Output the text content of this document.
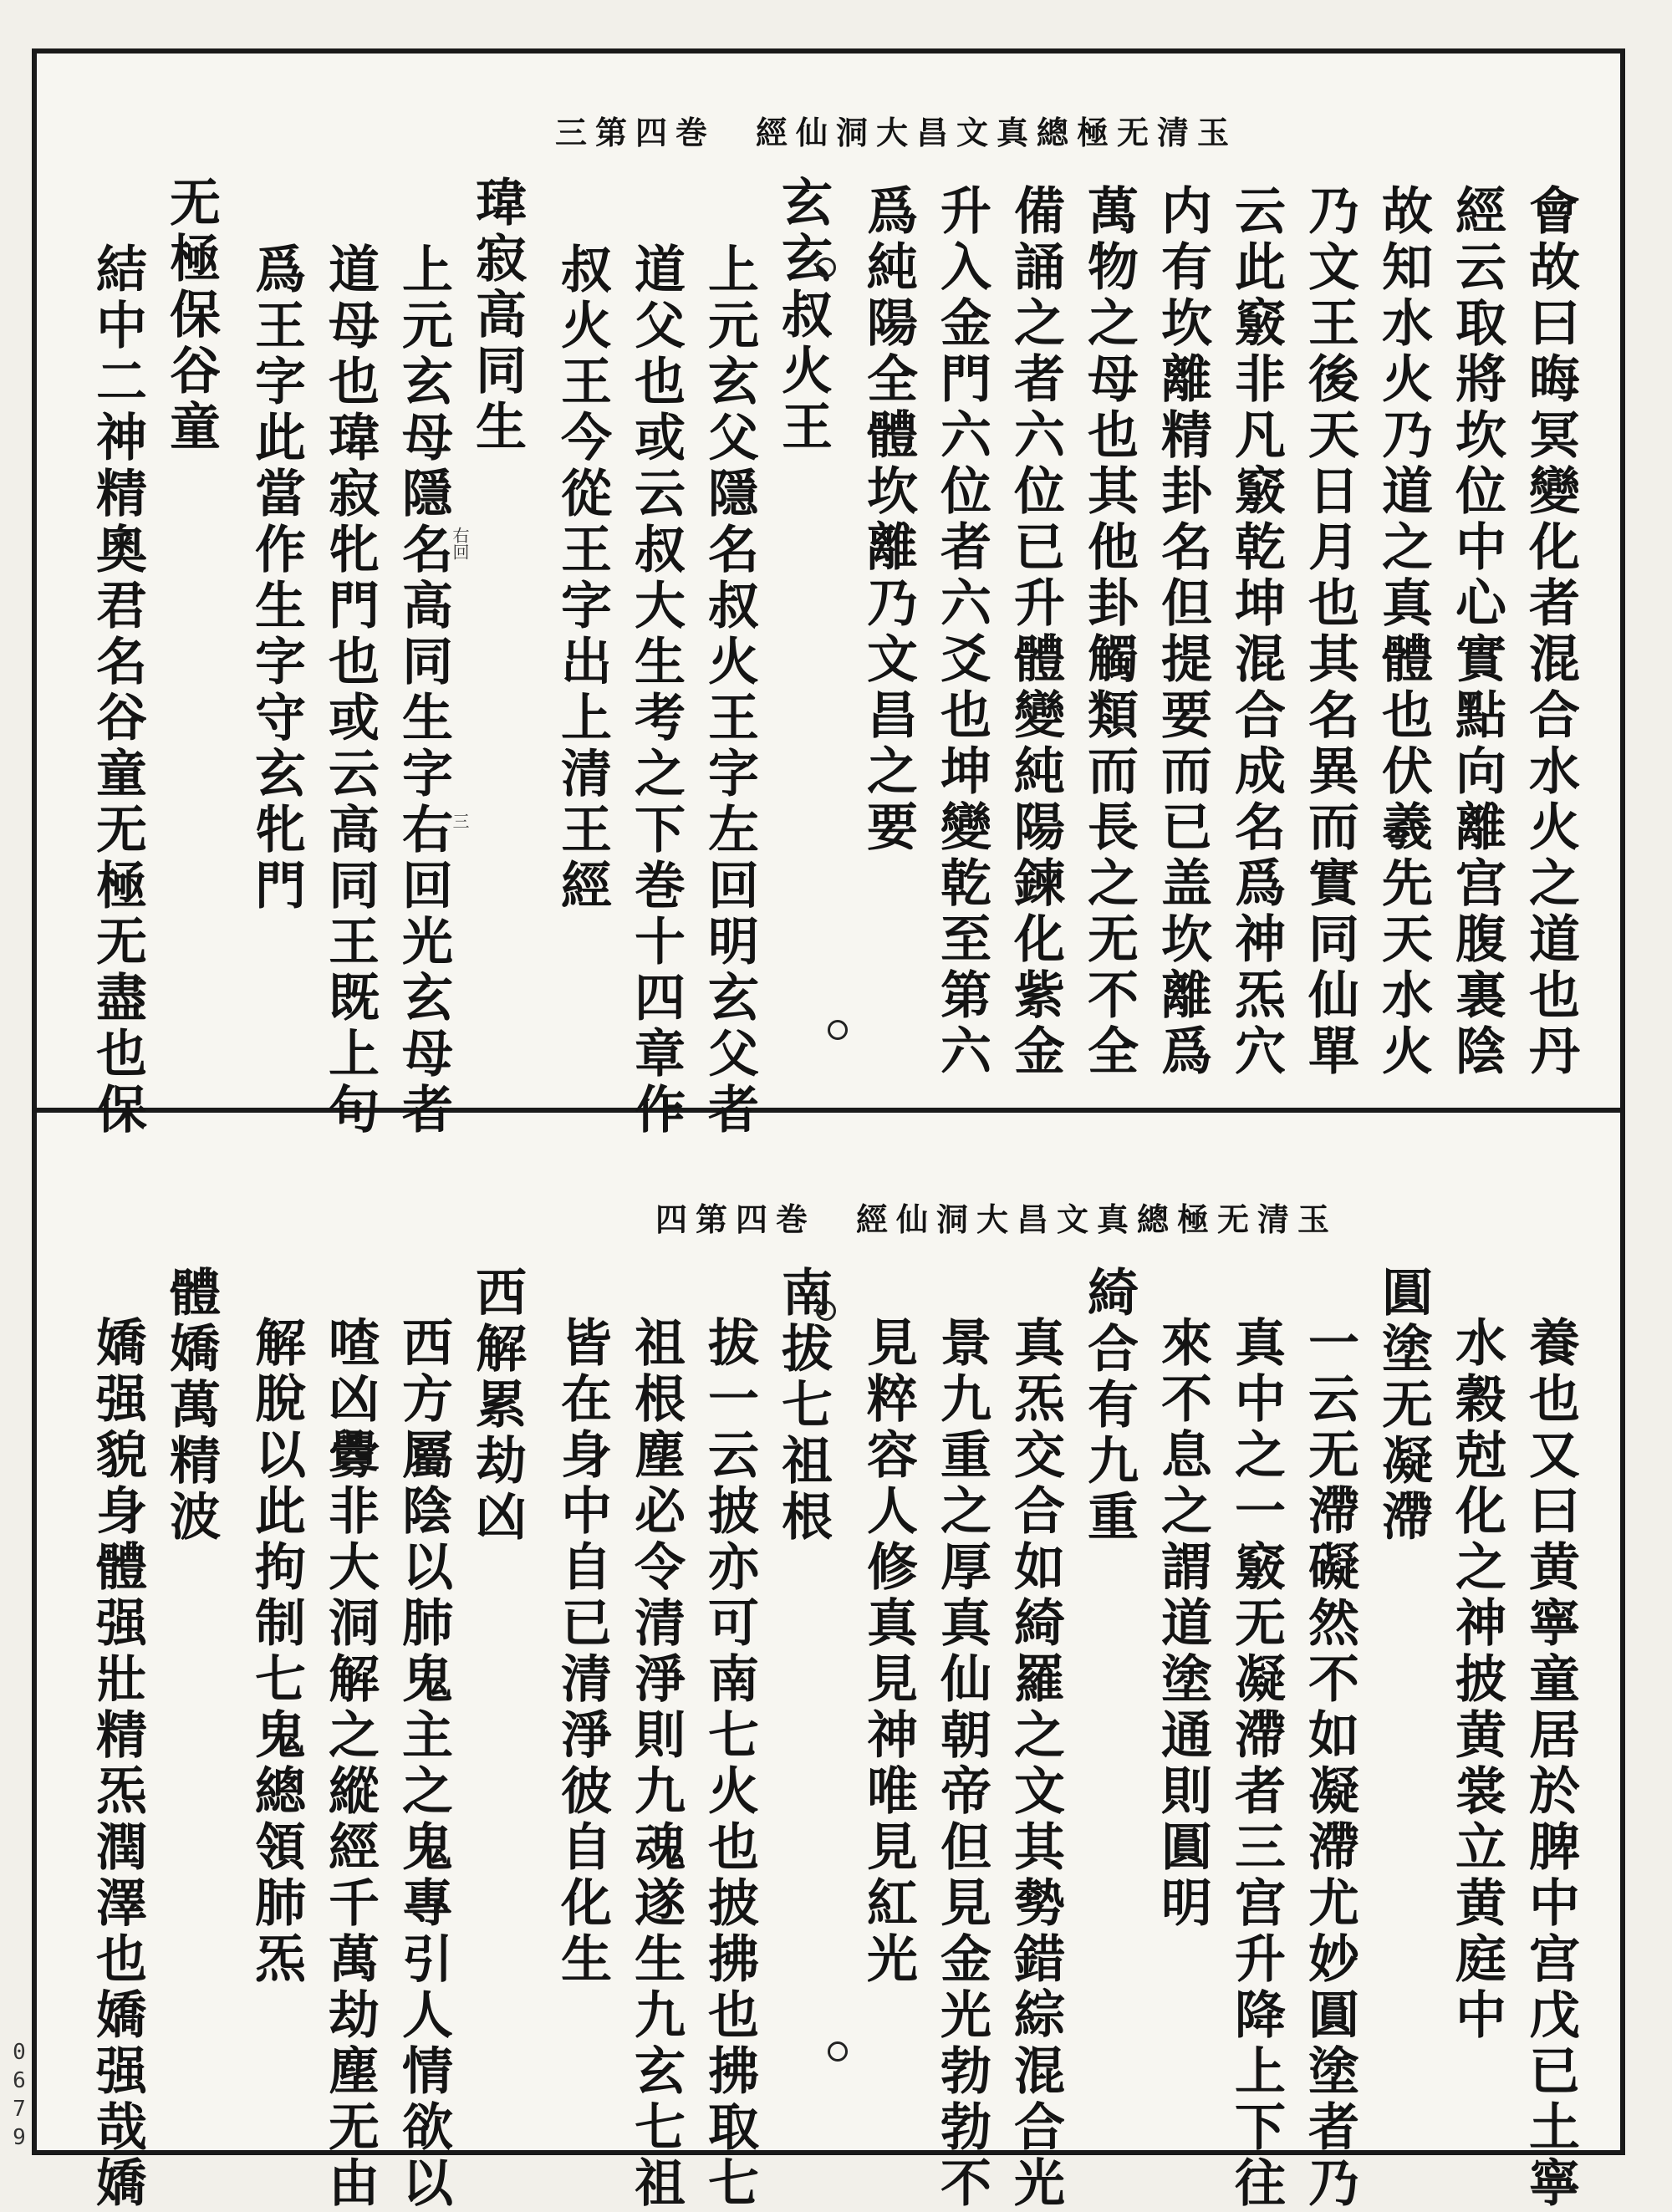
玉清无極總真文昌大洞仙經　巻四第三
會故曰晦冥變化者混合水火之道也丹
經云取將坎位中心實點向離宫腹裏陰
故知水火乃道之真體也伏羲先天水火
乃文王後天日月也其名異而實同仙單
云此竅非凡竅乾坤混合成名爲神炁穴
内有坎離精卦名但提要而已盖坎離爲
萬物之母也其他卦觸類而長之无不全
備誦之者六位已升體變純陽鍊化紫金
升入金門六位者六爻也坤變乾至第六
爲純陽全體坎離乃文昌之要
玄玄叔火王
上元玄父隱名叔火王字左回明玄父者
道父也或云叔大生考之下巻十四章作
叔火王今從王字出上清王經
瑋寂高同生
上元玄母隱名高同生字右回光玄母者
道母也瑋寂牝門也或云高同王既上句
爲王字此當作生字守玄牝門
无極保谷童
結中二神精奧君名谷童无極无盡也保	右回
三
玉清无極總真文昌大洞仙經　巻四第四
養也又曰黄寧童居於脾中宫戊已土寧
水穀尅化之神披黄裳立黄庭中
圓塗无凝滯
一云无滯礙然不如凝滯尤妙圓塗者乃
真中之一竅无凝滯者三宫升降上下往
來不息之謂道塗通則圓明
綺合有九重
真炁交合如綺羅之文其勢錯綜混合光
景九重之厚真仙朝帝但見金光勃勃不
見粹容人修真見神唯見紅光
南拔七祖根
拔一云披亦可南七火也披拂也拂取七
祖根塵必令清淨則九魂遂生九玄七祖
皆在身中自已清淨彼自化生
西解累劫凶
西方屬陰以肺鬼主之鬼專引人情欲以
喳凶釁非大洞解之縱經千萬劫塵无由
解脫以此拘制七鬼總領肺炁
體嬌萬精波
嬌强貌身體强壯精炁潤澤也嬌强哉嬌
0679
